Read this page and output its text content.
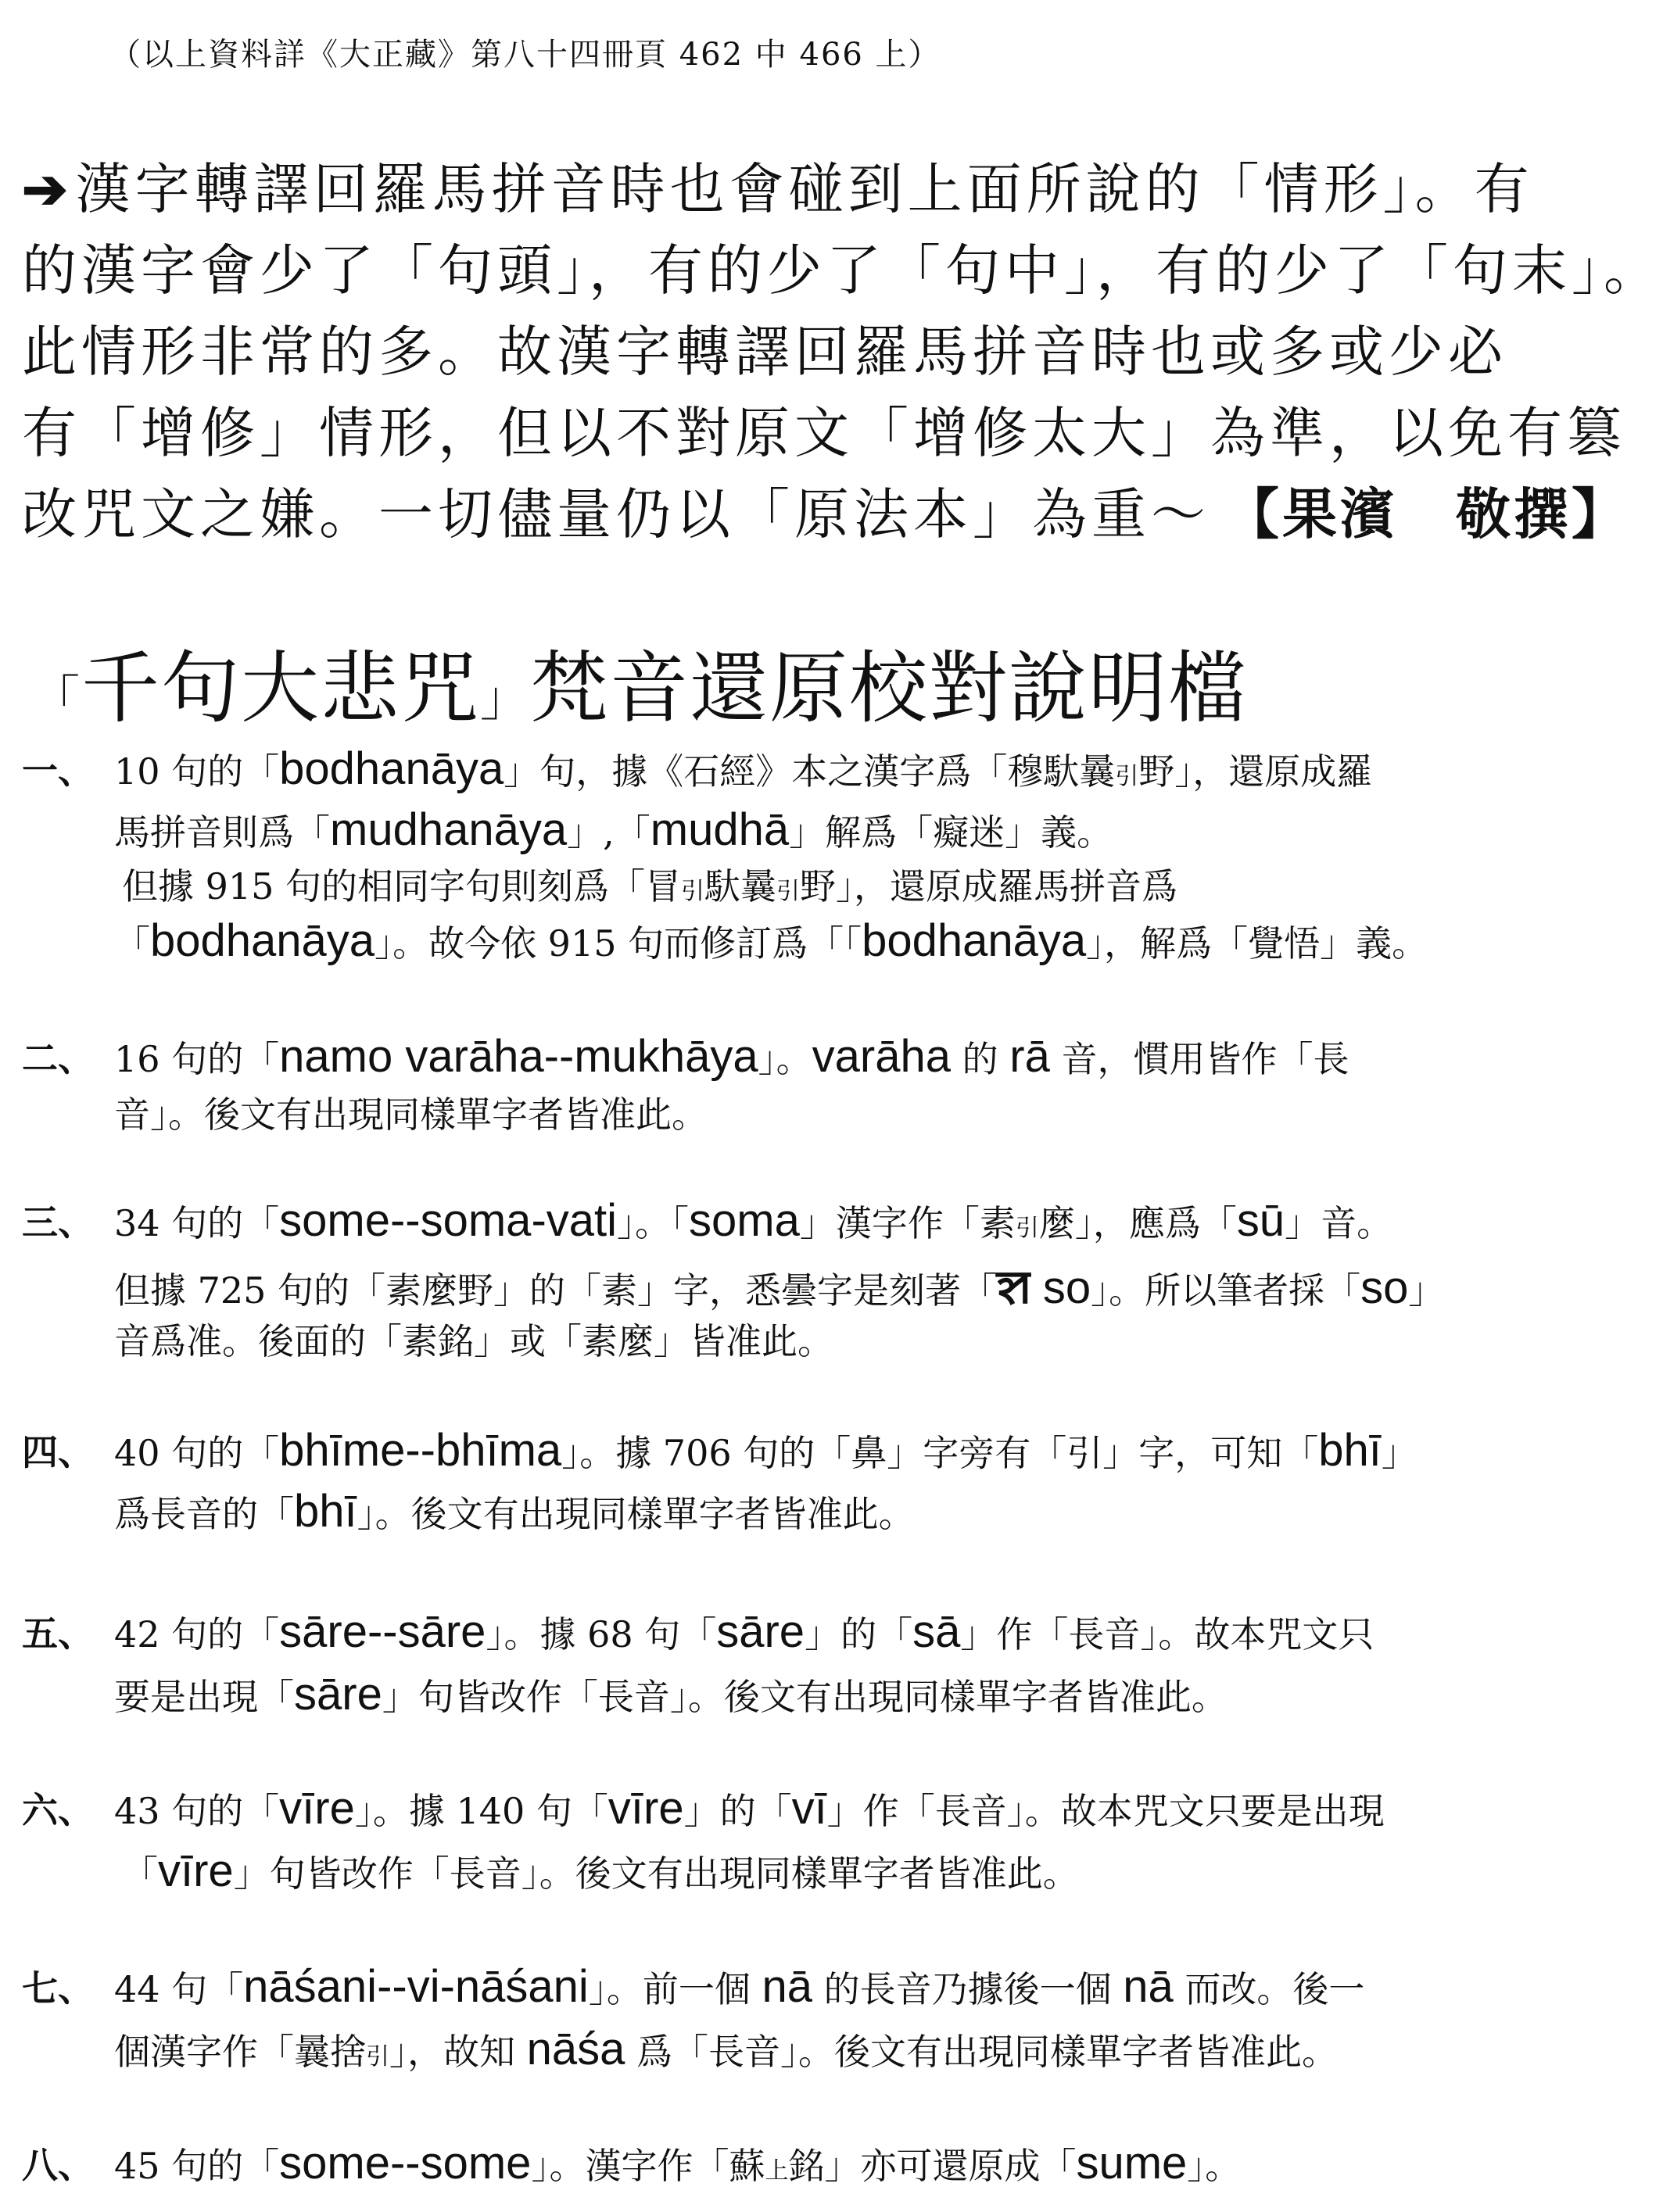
（以上資料詳《大正藏》第八十四冊頁 462 中 466 上）
➔漢字轉譯回羅馬拼音時也會碰到上面所說的「情形」。有
的漢字會少了「句頭」，有的少了「句中」，有的少了「句末」。
此情形非常的多。故漢字轉譯回羅馬拼音時也或多或少必
有「增修」情形，但以不對原文「增修太大」為準，以免有篡
改咒文之嫌。一切儘量仍以「原法本」為重～ 【果濱　敬撰】
「千句大悲咒」梵音還原校對說明檔
一、 10 句的「bodhanāya」句，據《石經》本之漢字爲「穆馱曩引野」，還原成羅
馬拼音則爲「mudhanāya」,「mudhā」解爲「癡迷」義。
但據 915 句的相同字句則刻爲「冒引馱曩引野」，還原成羅馬拼音爲
「bodhanāya」。故今依 915 句而修訂爲「「bodhanāya」，解爲「覺悟」義。
二、 16 句的「namo varāha--mukhāya」。varāha 的 rā 音，慣用皆作「長
音」。後文有出現同樣單字者皆准此。
三、 34 句的「some--soma-vati」。「soma」漢字作「素引麼」，應爲「sū」音。
但據 725 句的「素麼野」的「素」字，悉曇字是刻著「ꠡ so」。所以筆者採「so」
音爲准。後面的「素銘」或「素麼」皆准此。
四、 40 句的「bhīme--bhīma」。據 706 句的「鼻」字旁有「引」字，可知「bhī」
爲長音的「bhī」。後文有出現同樣單字者皆准此。
五、 42 句的「sāre--sāre」。據 68 句「sāre」的「sā」作「長音」。故本咒文只
要是出現「sāre」句皆改作「長音」。後文有出現同樣單字者皆准此。
六、 43 句的「vīre」。據 140 句「vīre」的「vī」作「長音」。故本咒文只要是出現
「vīre」句皆改作「長音」。後文有出現同樣單字者皆准此。
七、 44 句「nāśani--vi-nāśani」。前一個 nā 的長音乃據後一個 nā 而改。後一
個漢字作「曩捨引」，故知 nāśa 爲「長音」。後文有出現同樣單字者皆准此。
八、 45 句的「some--some」。漢字作「蘇上銘」亦可還原成「sume」。
